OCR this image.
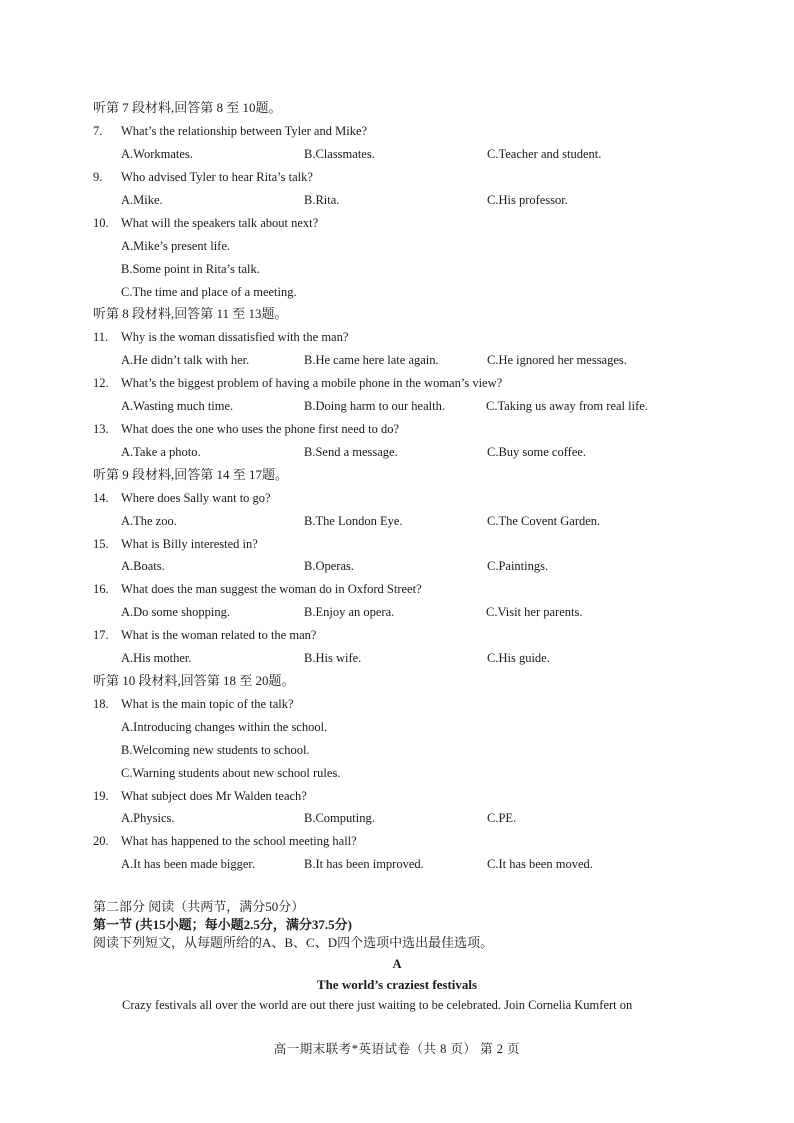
听第 7 段材料,回答第 8 至 10题。
7. What’s the relationship between Tyler and Mike?
A.Workmates.	B.Classmates.	C.Teacher and student.
9. Who advised Tyler to hear Rita’s talk?
A.Mike.	B.Rita.	C.His professor.
10. What will the speakers talk about next?
A.Mike’s present life.
B.Some point in Rita’s talk.
C.The time and place of a meeting.
听第 8 段材料,回答第 11 至 13题。
11. Why is the woman dissatisfied with the man?
A.He didn’t talk with her.	B.He came here late again.	C.He ignored her messages.
12. What’s the biggest problem of having a mobile phone in the woman’s view?
A.Wasting much time.	B.Doing harm to our health.	C.Taking us away from real life.
13. What does the one who uses the phone first need to do?
A.Take a photo.	B.Send a message.	C.Buy some coffee.
听第 9 段材料,回答第 14 至 17题。
14. Where does Sally want to go?
A.The zoo.	B.The London Eye.	C.The Covent Garden.
15. What is Billy interested in?
A.Boats.	B.Operas.	C.Paintings.
16. What does the man suggest the woman do in Oxford Street?
A.Do some shopping.	B.Enjoy an opera.	C.Visit her parents.
17. What is the woman related to the man?
A.His mother.	B.His wife.	C.His guide.
听第 10 段材料,回答第 18 至 20题。
18. What is the main topic of the talk?
A.Introducing changes within the school.
B.Welcoming new students to school.
C.Warning students about new school rules.
19. What subject does Mr Walden teach?
A.Physics.	B.Computing.	C.PE.
20. What has happened to the school meeting hall?
A.It has been made bigger.	B.It has been improved.	C.It has been moved.
第二部分 阅读（共两节，满分50分）
第一节 (共15小题；每小题2.5分，满分37.5分)
阅读下列短文，从每题所给的A、B、C、D四个选项中选出最佳选项。
A
The world’s craziest festivals
Crazy festivals all over the world are out there just waiting to be celebrated. Join Cornelia Kumfert on
高一期末联考*英语试卷（共 8 页） 第 2 页
